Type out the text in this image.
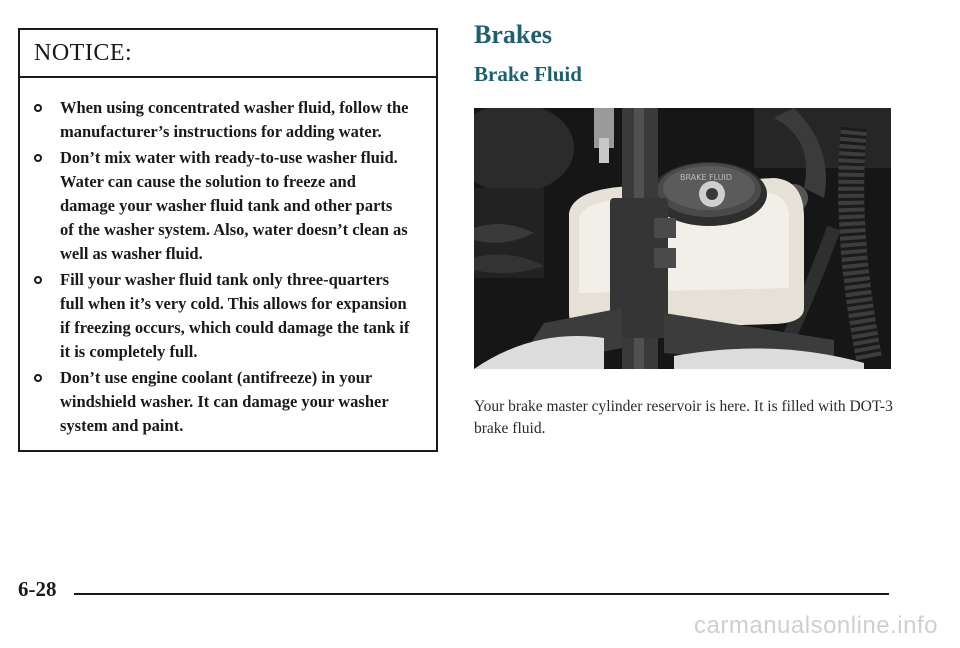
NOTICE:
When using concentrated washer fluid, follow the manufacturer’s instructions for adding water.
Don’t mix water with ready-to-use washer fluid. Water can cause the solution to freeze and damage your washer fluid tank and other parts of the washer system. Also, water doesn’t clean as well as washer fluid.
Fill your washer fluid tank only three-quarters full when it’s very cold. This allows for expansion if freezing occurs, which could damage the tank if it is completely full.
Don’t use engine coolant (antifreeze) in your windshield washer. It can damage your washer system and paint.
Brakes
Brake Fluid
BRAKE FLUID

Your brake master cylinder reservoir is here. It is filled with DOT-3 brake fluid.

6-28

carmanualsonline.info
